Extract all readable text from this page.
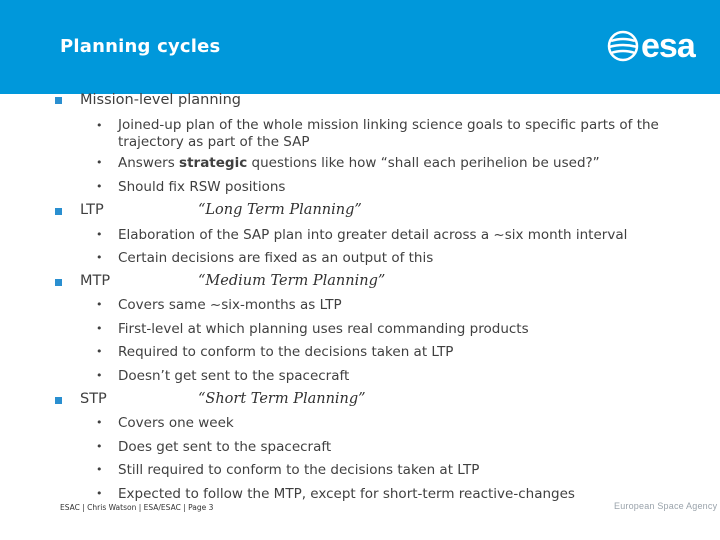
Planning cycles	esa
Mission-level planning
• Joined-up plan of the whole mission linking science goals to specific parts of the trajectory as part of the SAP
• Answers strategic questions like how “shall each perihelion be used?”
• Should fix RSW positions
LTP	“Long Term Planning”
• Elaboration of the SAP plan into greater detail across a ~six month interval
• Certain decisions are fixed as an output of this
MTP	“Medium Term Planning”
• Covers same ~six-months as LTP
• First-level at which planning uses real commanding products
• Required to conform to the decisions taken at LTP
• Doesn’t get sent to the spacecraft
STP	“Short Term Planning”
• Covers one week
• Does get sent to the spacecraft
• Still required to conform to the decisions taken at LTP
• Expected to follow the MTP, except for short-term reactive-changes
ESAC | Chris Watson | ESA/ESAC | Page 3	European Space Agency
